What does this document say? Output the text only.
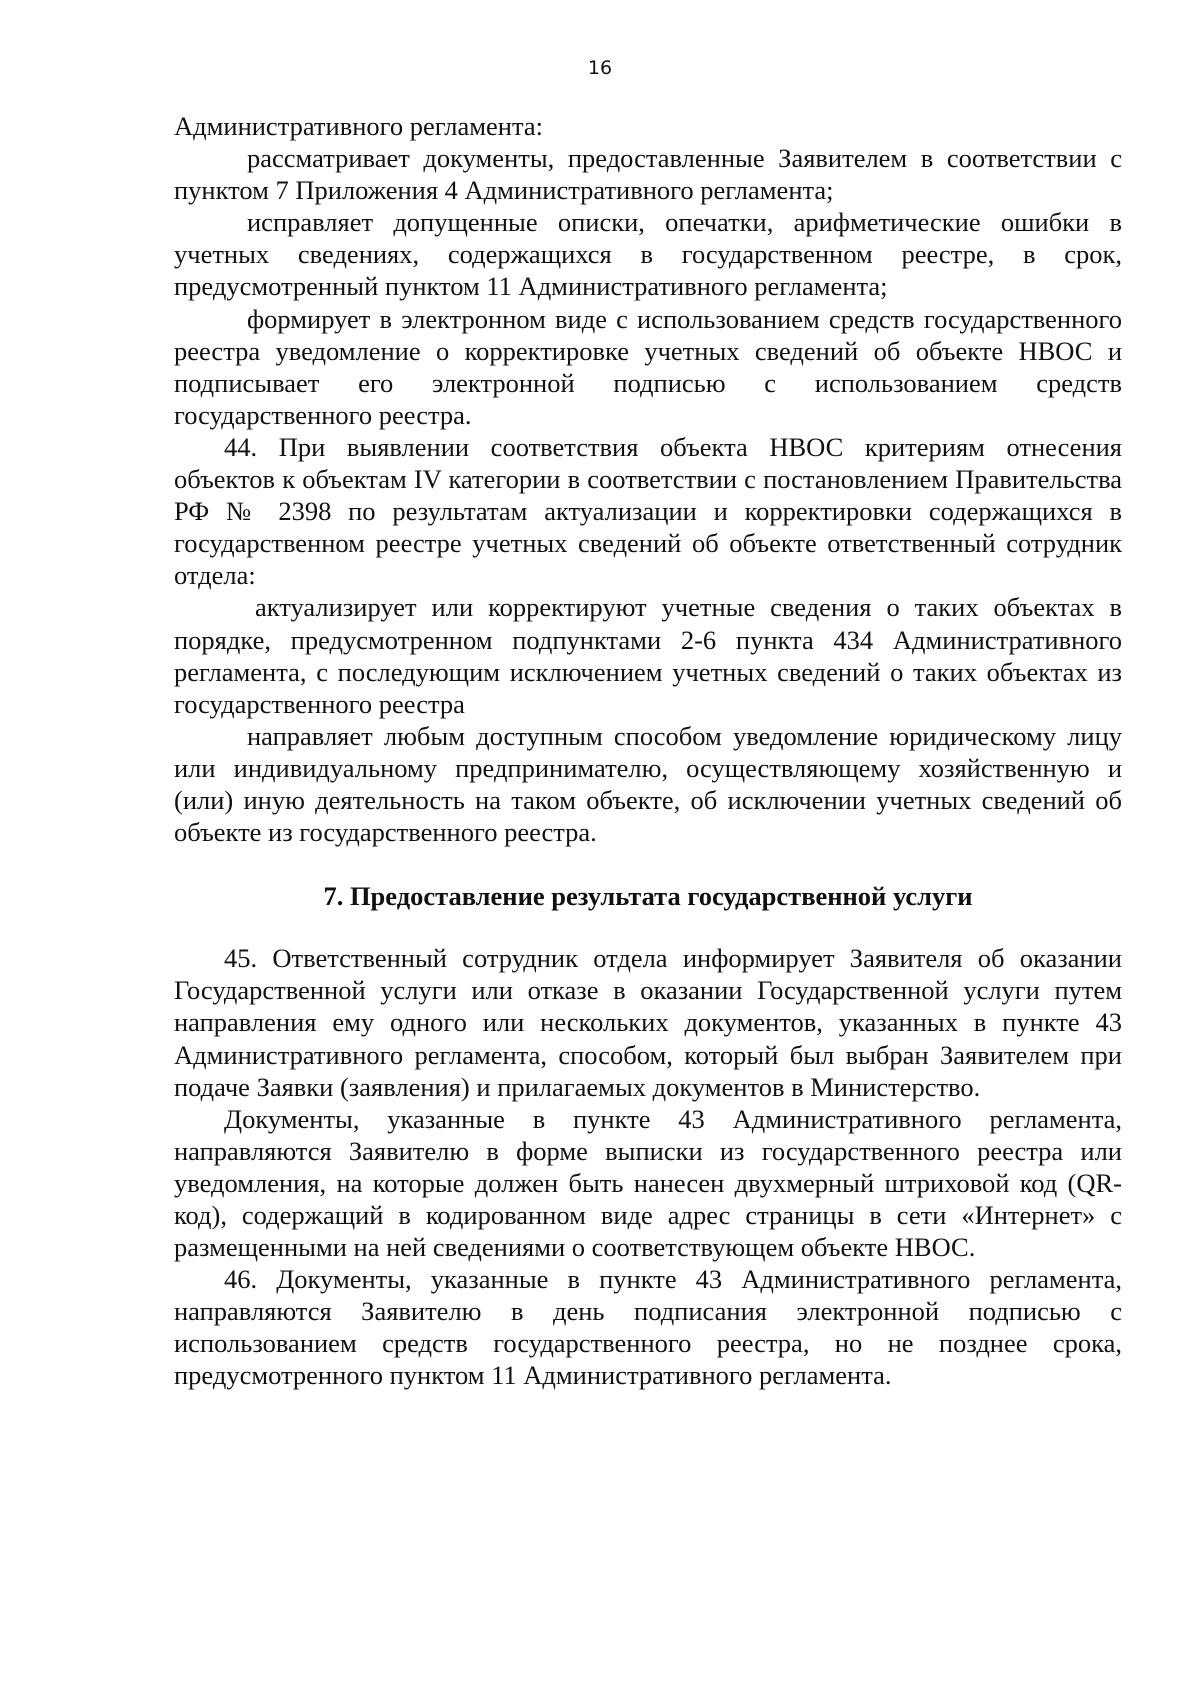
16

Административного регламента:

рассматривает документы, предоставленные Заявителем в соответствии с пунктом 7 Приложения 4 Административного регламента;

исправляет допущенные описки, опечатки, арифметические ошибки в учетных сведениях, содержащихся в государственном реестре, в срок, предусмотренный пунктом 11 Административного регламента;

формирует в электронном виде с использованием средств государственного реестра уведомление о корректировке учетных сведений об объекте НВОС и подписывает его электронной подписью с использованием средств государственного реестра.

44. При выявлении соответствия объекта НВОС критериям отнесения объектов к объектам IV категории в соответствии с постановлением Правительства РФ № 2398 по результатам актуализации и корректировки содержащихся в государственном реестре учетных сведений об объекте ответственный сотрудник отдела:

актуализирует или корректируют учетные сведения о таких объектах в порядке, предусмотренном подпунктами 2-6 пункта 434 Административного регламента, с последующим исключением учетных сведений о таких объектах из государственного реестра

направляет любым доступным способом уведомление юридическому лицу или индивидуальному предпринимателю, осуществляющему хозяйственную и (или) иную деятельность на таком объекте, об исключении учетных сведений об объекте из государственного реестра.

7. Предоставление результата государственной услуги

45. Ответственный сотрудник отдела информирует Заявителя об оказании Государственной услуги или отказе в оказании Государственной услуги путем направления ему одного или нескольких документов, указанных в пункте 43 Административного регламента, способом, который был выбран Заявителем при подаче Заявки (заявления) и прилагаемых документов в Министерство.

Документы, указанные в пункте 43 Административного регламента, направляются Заявителю в форме выписки из государственного реестра или уведомления, на которые должен быть нанесен двухмерный штриховой код (QR-код), содержащий в кодированном виде адрес страницы в сети «Интернет» с размещенными на ней сведениями о соответствующем объекте НВОС.

46. Документы, указанные в пункте 43 Административного регламента, направляются Заявителю в день подписания электронной подписью с использованием средств государственного реестра, но не позднее срока, предусмотренного пунктом 11 Административного регламента.
